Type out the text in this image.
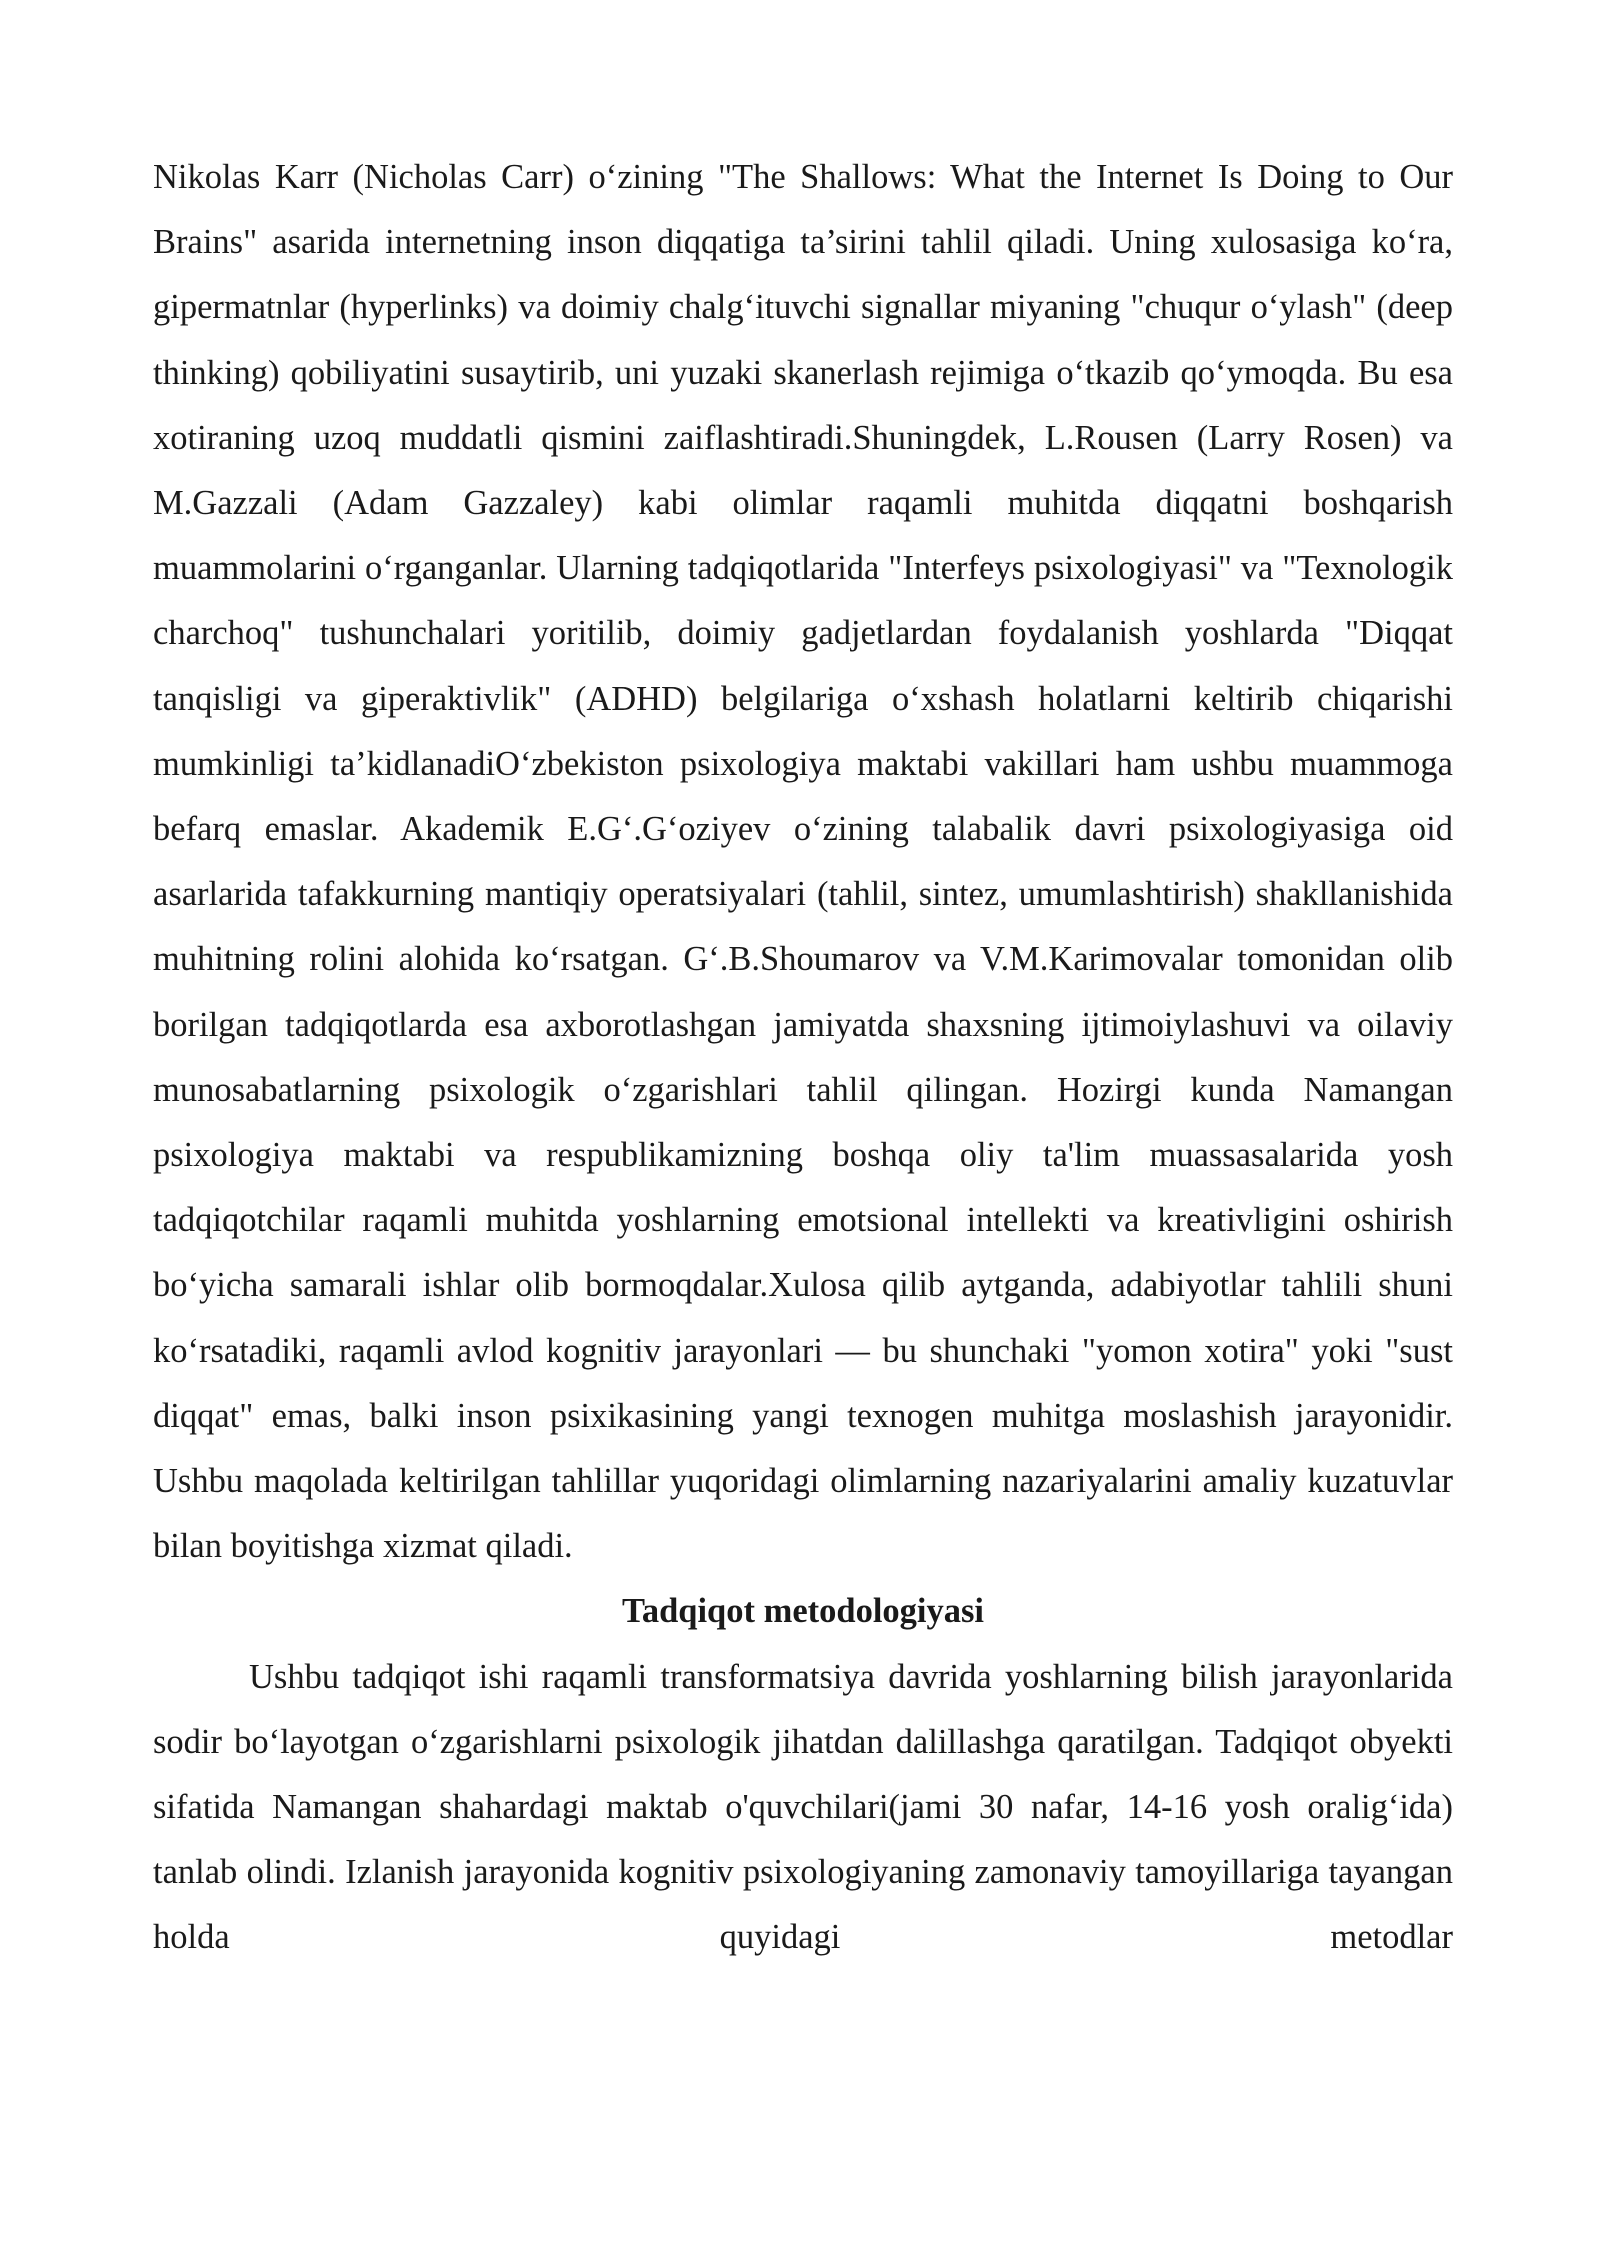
Nikolas Karr (Nicholas Carr) o‘zining "The Shallows: What the Internet Is Doing to Our Brains" asarida internetning inson diqqatiga ta’sirini tahlil qiladi. Uning xulosasiga ko‘ra, gipermatnlar (hyperlinks) va doimiy chalg‘ituvchi signallar miyaning "chuqur o‘ylash" (deep thinking) qobiliyatini susaytirib, uni yuzaki skanerlash rejimiga o‘tkazib qo‘ymoqda. Bu esa xotiraning uzoq muddatli qismini zaiflashtiradi.Shuningdek, L.Rousen (Larry Rosen) va M.Gazzali (Adam Gazzaley) kabi olimlar raqamli muhitda diqqatni boshqarish muammolarini o‘rganganlar. Ularning tadqiqotlarida "Interfeys psixologiyasi" va "Texnologik charchoq" tushunchalari yoritilib, doimiy gadjetlardan foydalanish yoshlarda "Diqqat tanqisligi va giperaktivlik" (ADHD) belgilariga o‘xshash holatlarni keltirib chiqarishi mumkinligi ta’kidlanadiO‘zbekiston psixologiya maktabi vakillari ham ushbu muammoga befarq emaslar. Akademik E.G‘.G‘oziyev o‘zining talabalik davri psixologiyasiga oid asarlarida tafakkurning mantiqiy operatsiyalari (tahlil, sintez, umumlashtirish) shakllanishida muhitning rolini alohida ko‘rsatgan. G‘.B.Shoumarov va V.M.Karimovalar tomonidan olib borilgan tadqiqotlarda esa axborotlashgan jamiyatda shaxsning ijtimoiylashuvi va oilaviy munosabatlarning psixologik o‘zgarishlari tahlil qilingan. Hozirgi kunda Namangan psixologiya maktabi va respublikamizning boshqa oliy ta'lim muassasalarida yosh tadqiqotchilar raqamli muhitda yoshlarning emotsional intellekti va kreativligini oshirish bo‘yicha samarali ishlar olib bormoqdalar.Xulosa qilib aytganda, adabiyotlar tahlili shuni ko‘rsatadiki, raqamli avlod kognitiv jarayonlari — bu shunchaki "yomon xotira" yoki "sust diqqat" emas, balki inson psixikasining yangi texnogen muhitga moslashish jarayonidir. Ushbu maqolada keltirilgan tahlillar yuqoridagi olimlarning nazariyalarini amaliy kuzatuvlar bilan boyitishga xizmat qiladi.

Tadqiqot metodologiyasi

Ushbu tadqiqot ishi raqamli transformatsiya davrida yoshlarning bilish jarayonlarida sodir bo‘layotgan o‘zgarishlarni psixologik jihatdan dalillashga qaratilgan. Tadqiqot obyekti sifatida Namangan shahardagi maktab o'quvchilari(jami 30 nafar, 14-16 yosh oralig‘ida) tanlab olindi. Izlanish jarayonida kognitiv psixologiyaning zamonaviy tamoyillariga tayangan holda quyidagi metodlar
